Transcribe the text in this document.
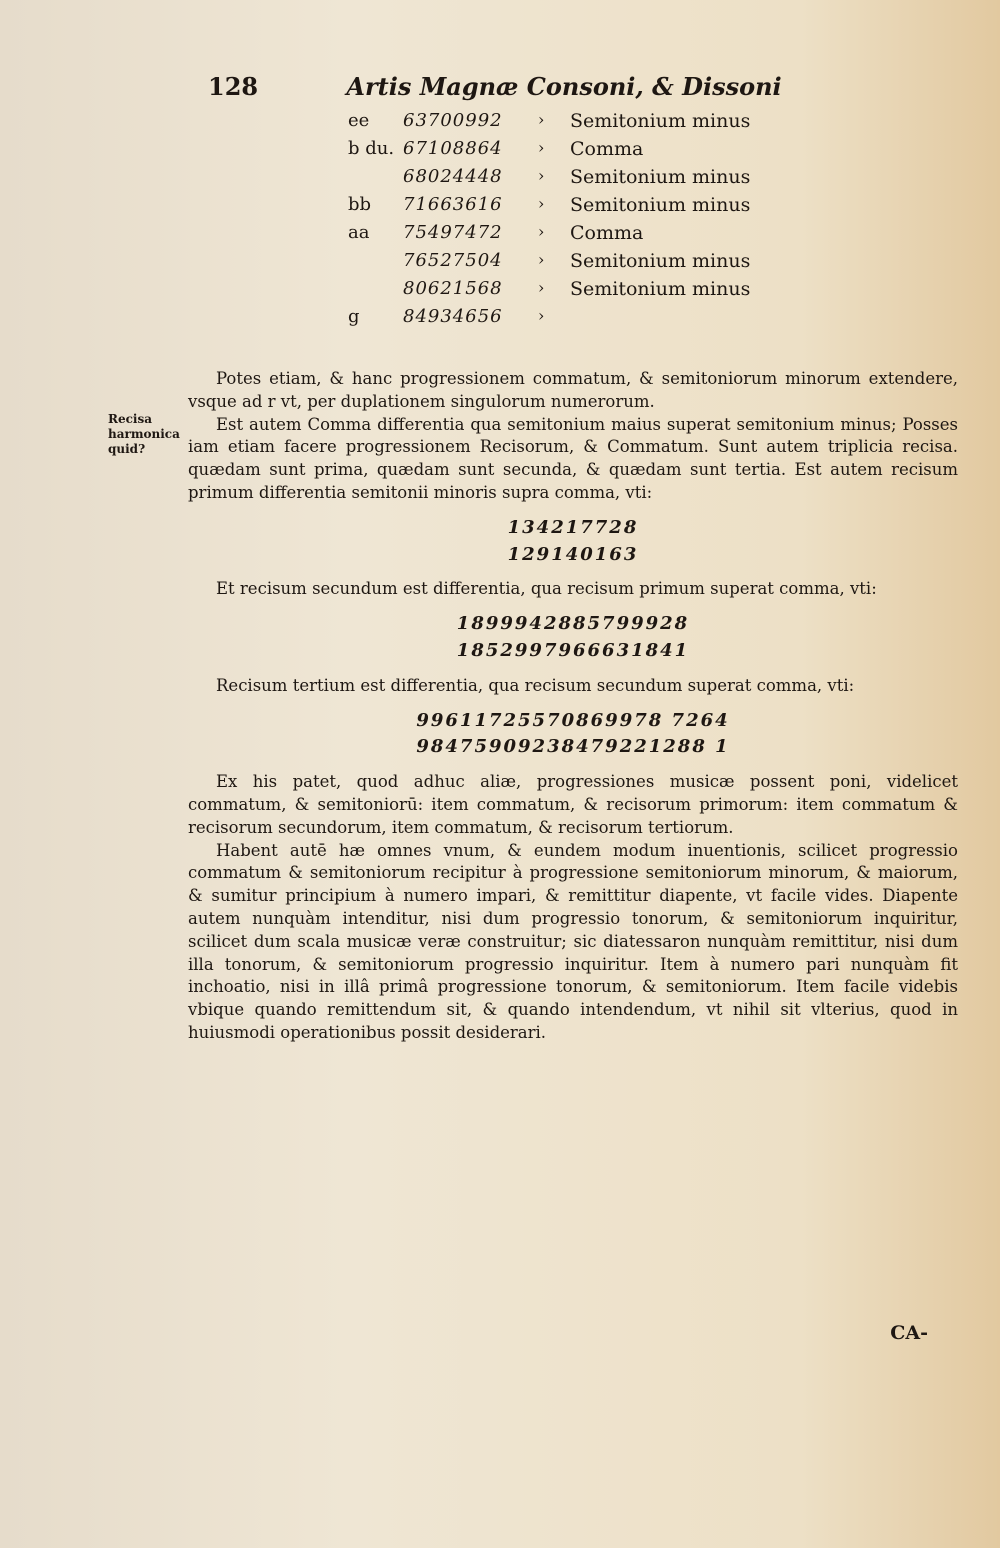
128	Artis Magnæ Consoni, & Dissoni
ee	63700992 › Semitonium minus
b du. 67108864 › Comma
68024448 › Semitonium minus
bb	71663616 › Semitonium minus
aa	75497472 › Comma
76527504 › Semitonium minus
80621568 › Semitonium minus
g	84934656 ›
Recisa harmonica quid?

Potes etiam, & hanc progressionem commatum, & semitoniorum minorum extendere, vsque ad r vt, per duplationem singulorum numerorum.

Est autem Comma differentia qua semitonium maius superat semitonium minus; Posses iam etiam facere progressionem Recisorum, & Commatum. Sunt autem triplicia recisa. quædam sunt prima, quædam sunt secunda, & quædam sunt tertia. Est autem recisum primum differentia semitonii minoris supra comma, vti:

134217728
129140163

Et recisum secundum est differentia, qua recisum primum superat comma, vti:

1899942885799928
1852997966631841

Recisum tertium est differentia, qua recisum secundum superat comma, vti:

99611725570869978 7264
98475909238479221288 1

Ex his patet, quod adhuc aliæ, progressiones musicæ possent poni, videlicet commatum, & semitoniorū: item commatum, & recisorum primorum: item commatum & recisorum secundorum, item commatum, & recisorum tertiorum.

Habent autē hæ omnes vnum, & eundem modum inuentionis, scilicet progressio commatum & semitoniorum recipitur à progressione semitoniorum minorum, & maiorum, & sumitur principium à numero impari, & remittitur diapente, vt facile vides. Diapente autem nunquàm intenditur, nisi dum progressio tonorum, & semitoniorum inquiritur, scilicet dum scala musicæ veræ construitur; sic diatessaron nunquàm remittitur, nisi dum illa tonorum, & semitoniorum progressio inquiritur. Item à numero pari nunquàm fit inchoatio, nisi in illâ primâ progressione tonorum, & semitoniorum. Item facile videbis vbique quando remittendum sit, & quando intendendum, vt nihil sit vlterius, quod in huiusmodi operationibus possit desiderari.

CA-
